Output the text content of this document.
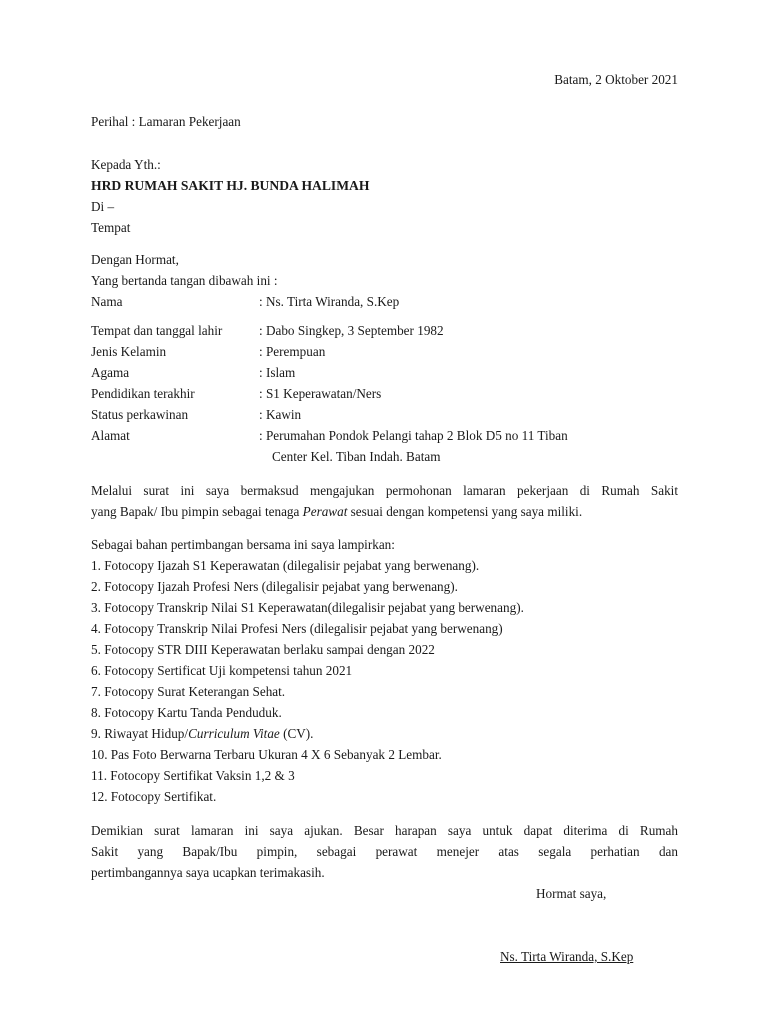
Batam, 2 Oktober 2021
Perihal : Lamaran Pekerjaan
Kepada Yth.:
HRD RUMAH SAKIT HJ. BUNDA HALIMAH
Di –
Tempat
Dengan Hormat,
Yang bertanda tangan dibawah ini :
Nama	: Ns. Tirta Wiranda, S.Kep
Tempat dan tanggal lahir	: Dabo Singkep, 3 September 1982
Jenis Kelamin	: Perempuan
Agama	: Islam
Pendidikan terakhir	: S1 Keperawatan/Ners
Status perkawinan	: Kawin
Alamat	: Perumahan Pondok Pelangi tahap 2 Blok D5 no 11 Tiban
Center Kel. Tiban Indah. Batam
Melalui surat ini saya bermaksud mengajukan permohonan lamaran pekerjaan di Rumah Sakit
yang Bapak/ Ibu pimpin sebagai tenaga Perawat sesuai dengan kompetensi yang saya miliki.
Sebagai bahan pertimbangan bersama ini saya lampirkan:
1. Fotocopy Ijazah S1 Keperawatan (dilegalisir pejabat yang berwenang).
2. Fotocopy Ijazah Profesi Ners (dilegalisir pejabat yang berwenang).
3. Fotocopy Transkrip Nilai S1 Keperawatan(dilegalisir pejabat yang berwenang).
4. Fotocopy Transkrip Nilai Profesi Ners (dilegalisir pejabat yang berwenang)
5. Fotocopy STR DIII Keperawatan berlaku sampai dengan 2022
6. Fotocopy Sertificat Uji kompetensi tahun 2021
7. Fotocopy Surat Keterangan Sehat.
8. Fotocopy Kartu Tanda Penduduk.
9. Riwayat Hidup/Curriculum Vitae (CV).
10. Pas Foto Berwarna Terbaru Ukuran 4 X 6 Sebanyak 2 Lembar.
11. Fotocopy Sertifikat Vaksin 1,2 & 3
12. Fotocopy Sertifikat.
Demikian surat lamaran ini saya ajukan. Besar harapan saya untuk dapat diterima di Rumah
Sakit yang Bapak/Ibu pimpin, sebagai perawat menejer atas segala perhatian dan
pertimbangannya saya ucapkan terimakasih.
Hormat saya,
Ns. Tirta Wiranda, S.Kep
